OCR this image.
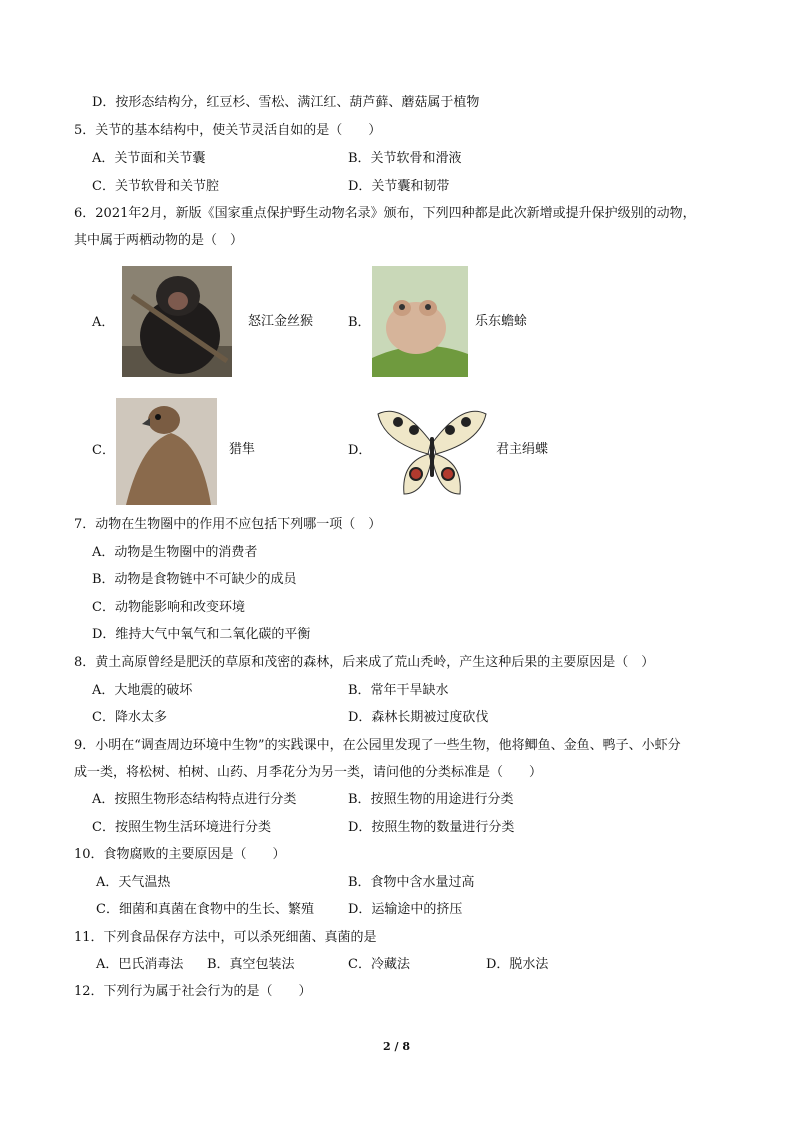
D．按形态结构分，红豆杉、雪松、满江红、葫芦藓、蘑菇属于植物
5．关节的基本结构中，使关节灵活自如的是（　　）
A．关节面和关节囊	B．关节软骨和滑液
C．关节软骨和关节腔	D．关节囊和韧带
6．2021年2月，新版《国家重点保护野生动物名录》颁布，下列四种都是此次新增或提升保护级别的动物，
其中属于两栖动物的是（　）
A．	怒江金丝猴	B．	乐东蟾蜍
C．	猎隼	D．	君主绢蝶
7．动物在生物圈中的作用不应包括下列哪一项（　）
A．动物是生物圈中的消费者
B．动物是食物链中不可缺少的成员
C．动物能影响和改变环境
D．维持大气中氧气和二氧化碳的平衡
8．黄土高原曾经是肥沃的草原和茂密的森林，后来成了荒山秃岭，产生这种后果的主要原因是（　）
A．大地震的破坏	B．常年干旱缺水
C．降水太多	D．森林长期被过度砍伐
9．小明在“调查周边环境中生物”的实践课中，在公园里发现了一些生物，他将鲫鱼、金鱼、鸭子、小虾分
成一类，将松树、柏树、山药、月季花分为另一类，请问他的分类标准是（　　）
A．按照生物形态结构特点进行分类	B．按照生物的用途进行分类
C．按照生物生活环境进行分类	D．按照生物的数量进行分类
10．食物腐败的主要原因是（　　）
A．天气温热	B．食物中含水量过高
C．细菌和真菌在食物中的生长、繁殖	D．运输途中的挤压
11．下列食品保存方法中，可以杀死细菌、真菌的是
A．巴氏消毒法 B．真空包装法	C．冷藏法	D．脱水法
12．下列行为属于社会行为的是（　　）
2 / 8
